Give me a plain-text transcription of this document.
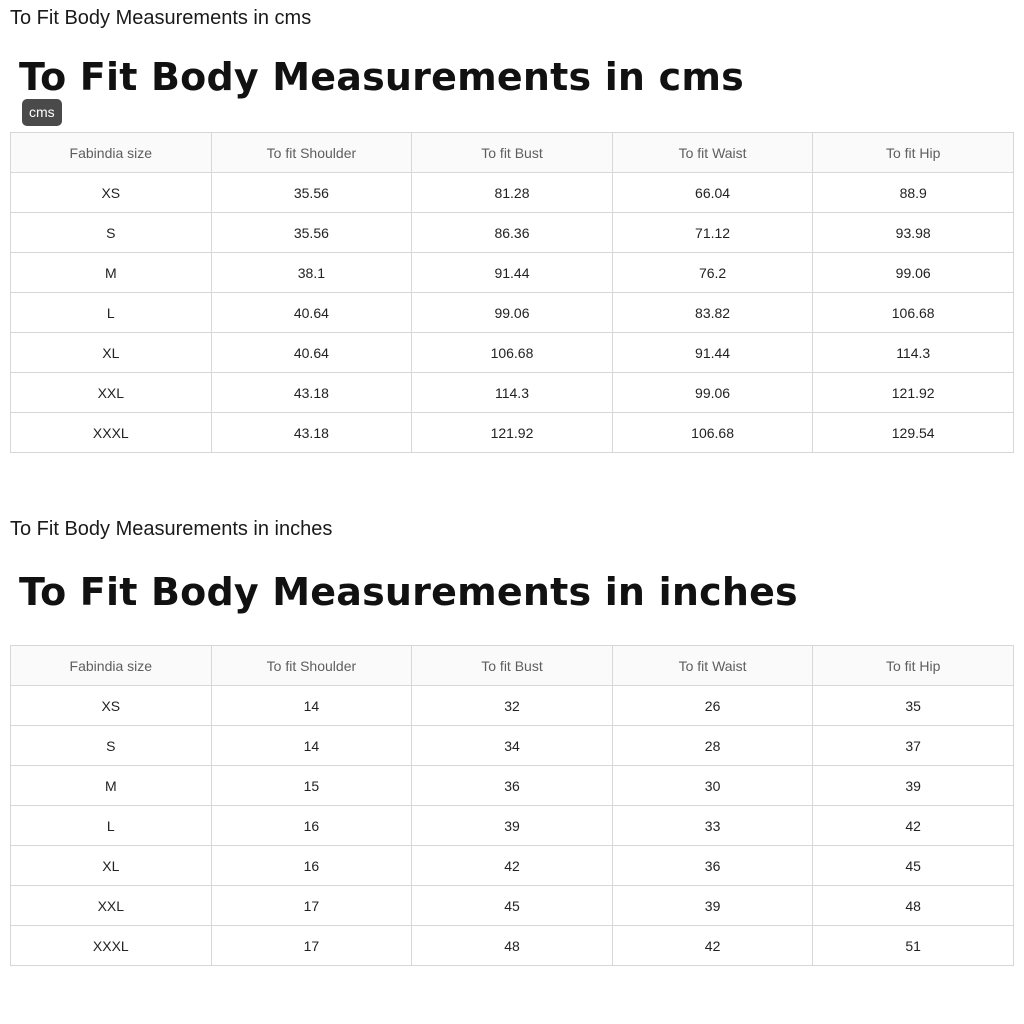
To Fit Body Measurements in cms
To Fit Body Measurements in cms
cms
Fabindia size	To fit Shoulder	To fit Bust	To fit Waist	To fit Hip
XS	35.56	81.28	66.04	88.9
S	35.56	86.36	71.12	93.98
M	38.1	91.44	76.2	99.06
L	40.64	99.06	83.82	106.68
XL	40.64	106.68	91.44	114.3
XXL	43.18	114.3	99.06	121.92
XXXL	43.18	121.92	106.68	129.54
To Fit Body Measurements in inches
To Fit Body Measurements in inches
Fabindia size	To fit Shoulder	To fit Bust	To fit Waist	To fit Hip
XS	14	32	26	35
S	14	34	28	37
M	15	36	30	39
L	16	39	33	42
XL	16	42	36	45
XXL	17	45	39	48
XXXL	17	48	42	51
